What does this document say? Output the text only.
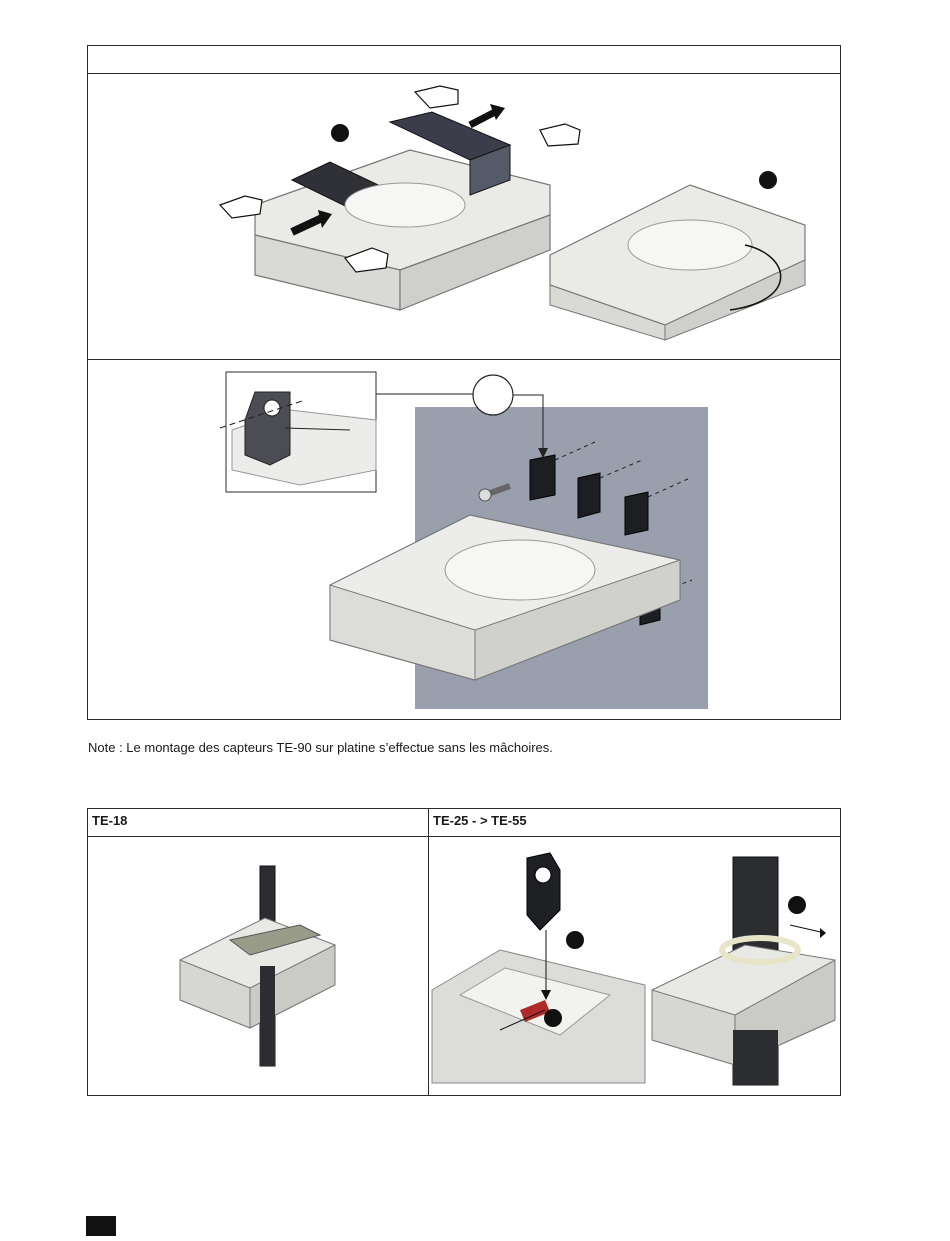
Note : Le montage des capteurs TE-90 sur platine s’effectue sans les mâchoires.
TE-18	TE-25 - > TE-55
